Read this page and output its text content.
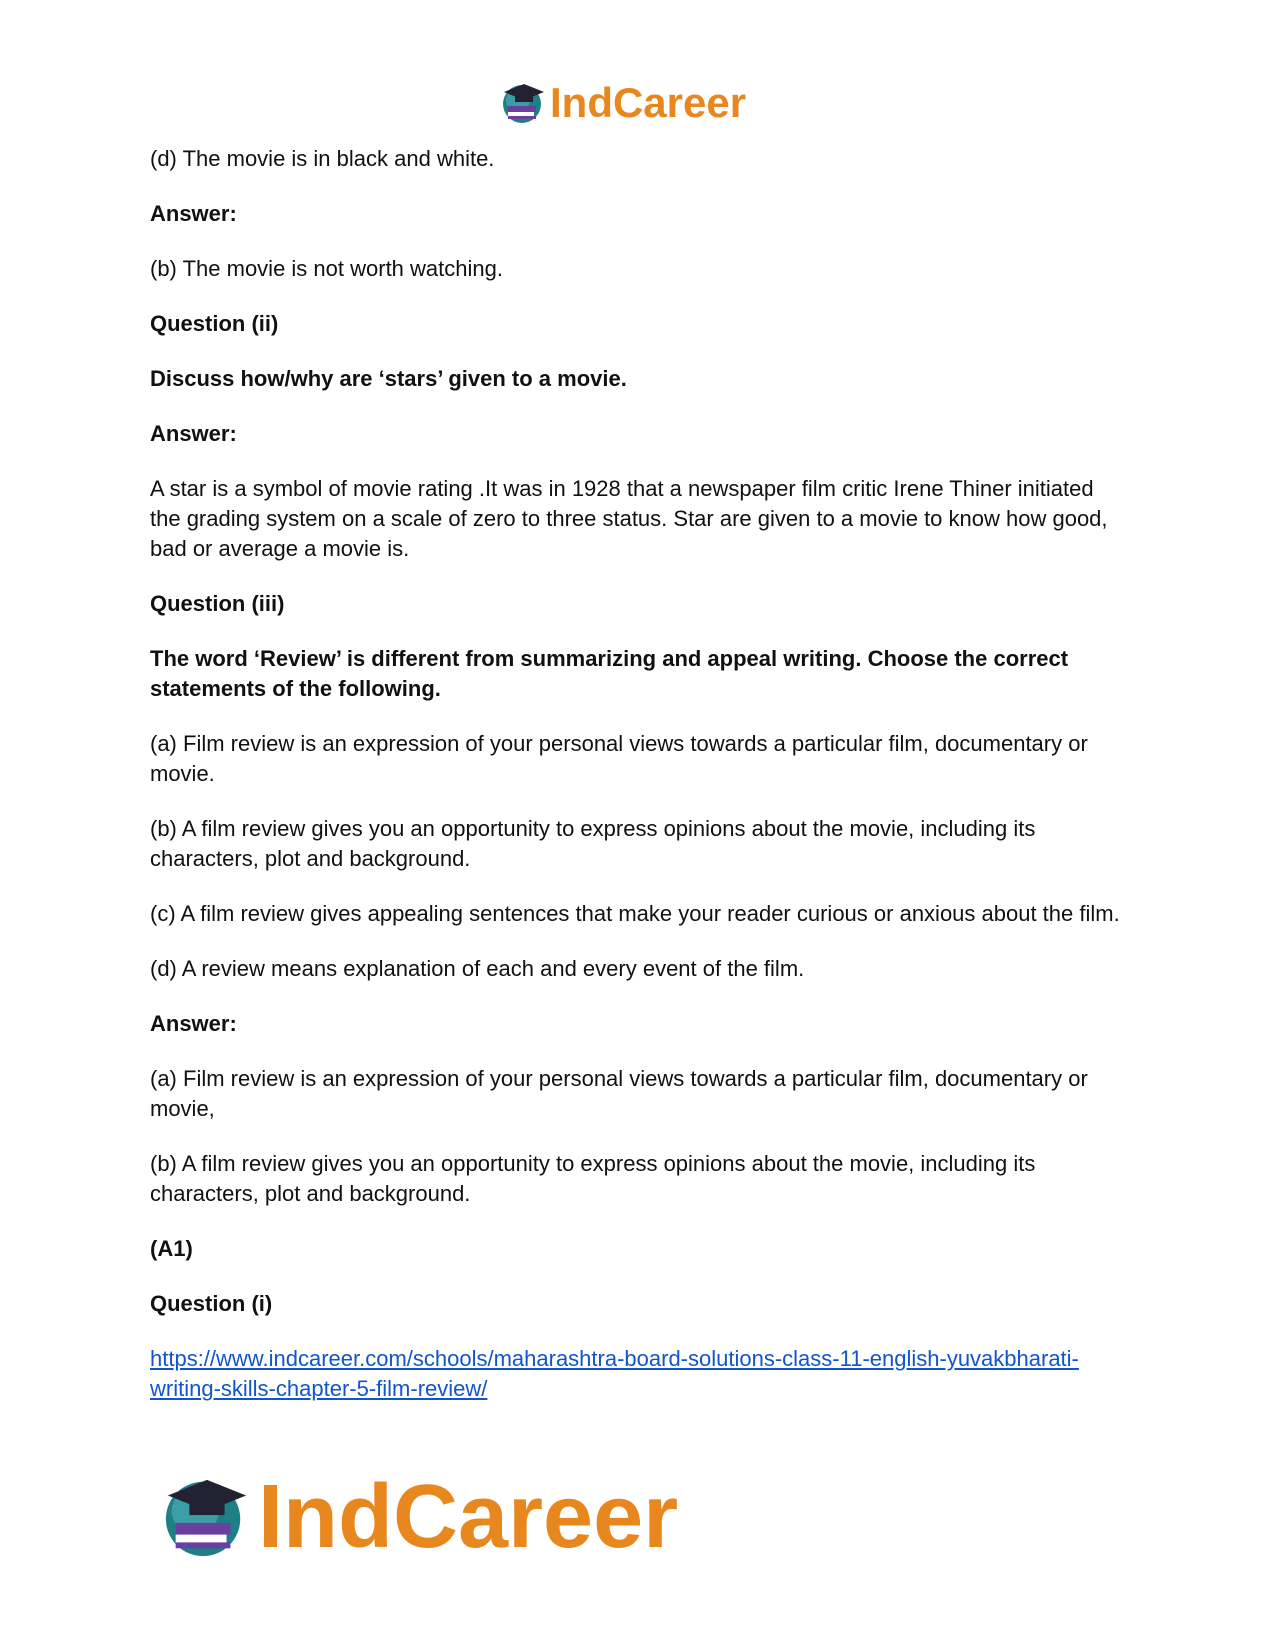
IndCareer

(d) The movie is in black and white.

Answer:

(b) The movie is not worth watching.

Question (ii)

Discuss how/why are ‘stars’ given to a movie.

Answer:

A star is a symbol of movie rating .It was in 1928 that a newspaper film critic Irene Thiner initiated the grading system on a scale of zero to three status. Star are given to a movie to know how good, bad or average a movie is.

Question (iii)

The word ‘Review’ is different from summarizing and appeal writing. Choose the correct statements of the following.

(a) Film review is an expression of your personal views towards a particular film, documentary or movie.

(b) A film review gives you an opportunity to express opinions about the movie, including its characters, plot and background.

(c) A film review gives appealing sentences that make your reader curious or anxious about the film.

(d) A review means explanation of each and every event of the film.

Answer:

(a) Film review is an expression of your personal views towards a particular film, documentary or movie,

(b) A film review gives you an opportunity to express opinions about the movie, including its characters, plot and background.

(A1)

Question (i)

https://www.indcareer.com/schools/maharashtra-board-solutions-class-11-english-yuvakbharati-writing-skills-chapter-5-film-review/

IndCareer
